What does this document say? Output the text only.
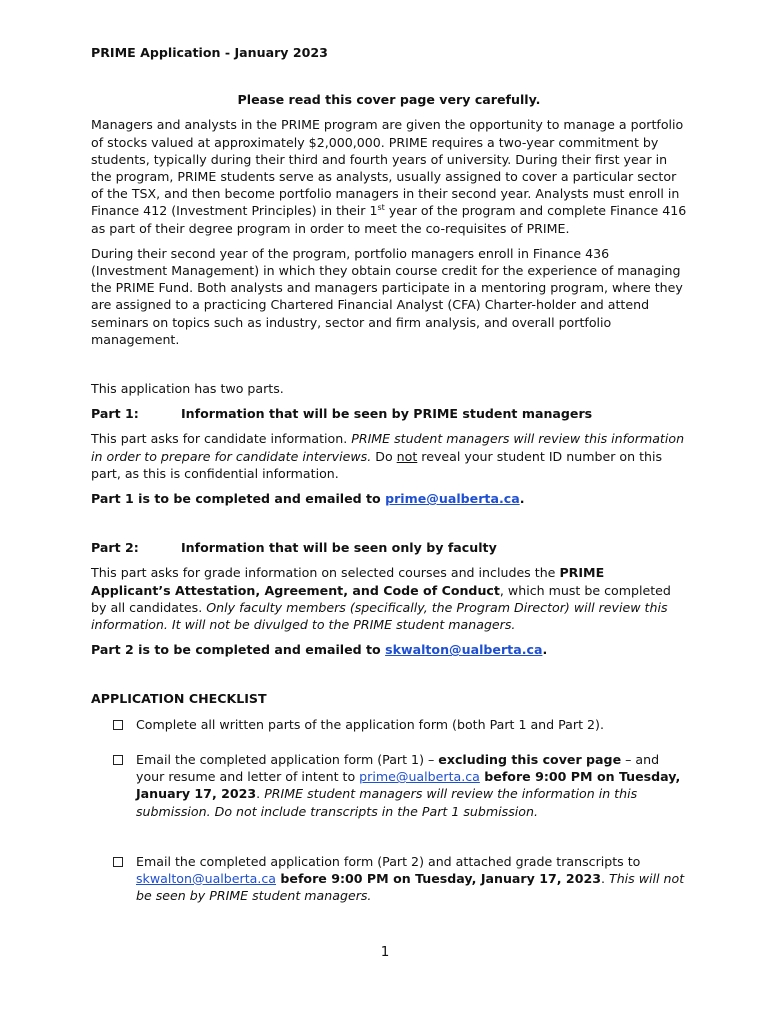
PRIME Application - January 2023

Please read this cover page very carefully.

Managers and analysts in the PRIME program are given the opportunity to manage a portfolio of stocks valued at approximately $2,000,000. PRIME requires a two-year commitment by students, typically during their third and fourth years of university. During their first year in the program, PRIME students serve as analysts, usually assigned to cover a particular sector of the TSX, and then become portfolio managers in their second year. Analysts must enroll in Finance 412 (Investment Principles) in their 1st year of the program and complete Finance 416 as part of their degree program in order to meet the co-requisites of PRIME.

During their second year of the program, portfolio managers enroll in Finance 436 (Investment Management) in which they obtain course credit for the experience of managing the PRIME Fund. Both analysts and managers participate in a mentoring program, where they are assigned to a practicing Chartered Financial Analyst (CFA) Charter-holder and attend seminars on topics such as industry, sector and firm analysis, and overall portfolio management.

This application has two parts.

Part 1:	Information that will be seen by PRIME student managers

This part asks for candidate information. PRIME student managers will review this information in order to prepare for candidate interviews. Do not reveal your student ID number on this part, as this is confidential information.

Part 1 is to be completed and emailed to prime@ualberta.ca.

Part 2:	Information that will be seen only by faculty

This part asks for grade information on selected courses and includes the PRIME Applicant’s Attestation, Agreement, and Code of Conduct, which must be completed by all candidates. Only faculty members (specifically, the Program Director) will review this information. It will not be divulged to the PRIME student managers.

Part 2 is to be completed and emailed to skwalton@ualberta.ca.

APPLICATION CHECKLIST

Complete all written parts of the application form (both Part 1 and Part 2).
Email the completed application form (Part 1) – excluding this cover page – and your resume and letter of intent to prime@ualberta.ca before 9:00 PM on Tuesday, January 17, 2023. PRIME student managers will review the information in this submission. Do not include transcripts in the Part 1 submission.
Email the completed application form (Part 2) and attached grade transcripts to skwalton@ualberta.ca before 9:00 PM on Tuesday, January 17, 2023. This will not be seen by PRIME student managers.
1
